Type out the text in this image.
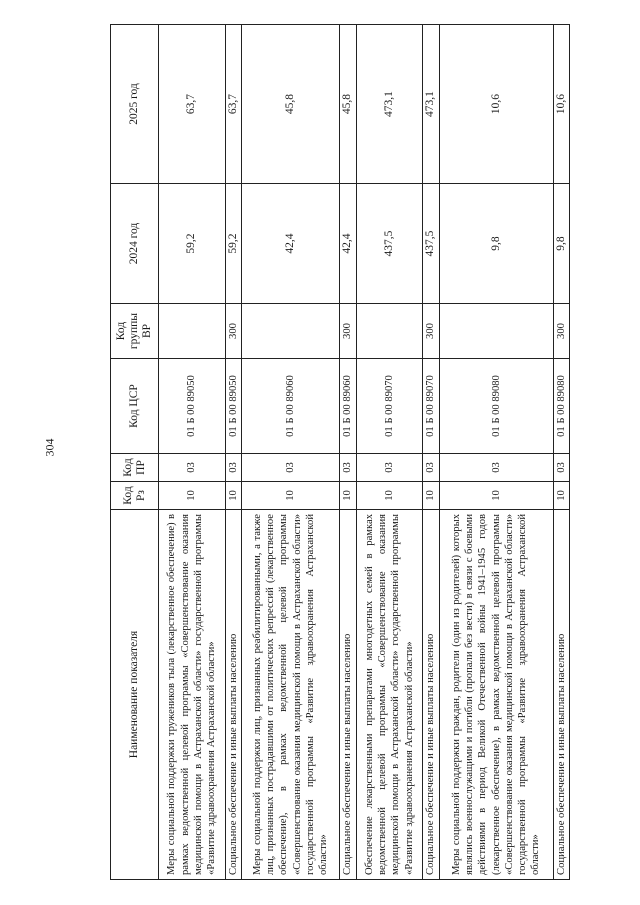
304
Наименование показателя	Код Рз	Код ПР	Код ЦСР	Код группы ВР	2024 год	2025 год
Меры социальной поддержки тружеников тыла (лекарственное обеспечение) в рамках ведомственной целевой программы «Совершенствование оказания медицинской помощи в Астраханской области» государственной программы «Развитие здравоохранения Астраханской области»	10	03	01 Б 00 89050		59,2	63,7
Социальное обеспечение и иные выплаты населению	10	03	01 Б 00 89050	300	59,2	63,7
Меры социальной поддержки лиц, признанных реабилитированными, а также лиц, признанных пострадавшими от политических репрессий (лекарственное обеспечение), в рамках ведомственной целевой программы «Совершенствование оказания медицинской помощи в Астраханской области» государственной программы «Развитие здравоохранения Астраханской области»	10	03	01 Б 00 89060		42,4	45,8
Социальное обеспечение и иные выплаты населению	10	03	01 Б 00 89060	300	42,4	45,8
Обеспечение лекарственными препаратами многодетных семей в рамках ведомственной целевой программы «Совершенствование оказания медицинской помощи в Астраханской области» государственной программы «Развитие здравоохранения Астраханской области»	10	03	01 Б 00 89070		437,5	473,1
Социальное обеспечение и иные выплаты населению	10	03	01 Б 00 89070	300	437,5	473,1
Меры социальной поддержки граждан, родители (один из родителей) которых являлись военнослужащими и погибли (пропали без вести) в связи с боевыми действиями в период Великой Отечественной войны 1941–1945 годов (лекарственное обеспечение), в рамках ведомственной целевой программы «Совершенствование оказания медицинской помощи в Астраханской области» государственной программы «Развитие здравоохранения Астраханской области»	10	03	01 Б 00 89080		9,8	10,6
Социальное обеспечение и иные выплаты населению	10	03	01 Б 00 89080	300	9,8	10,6
